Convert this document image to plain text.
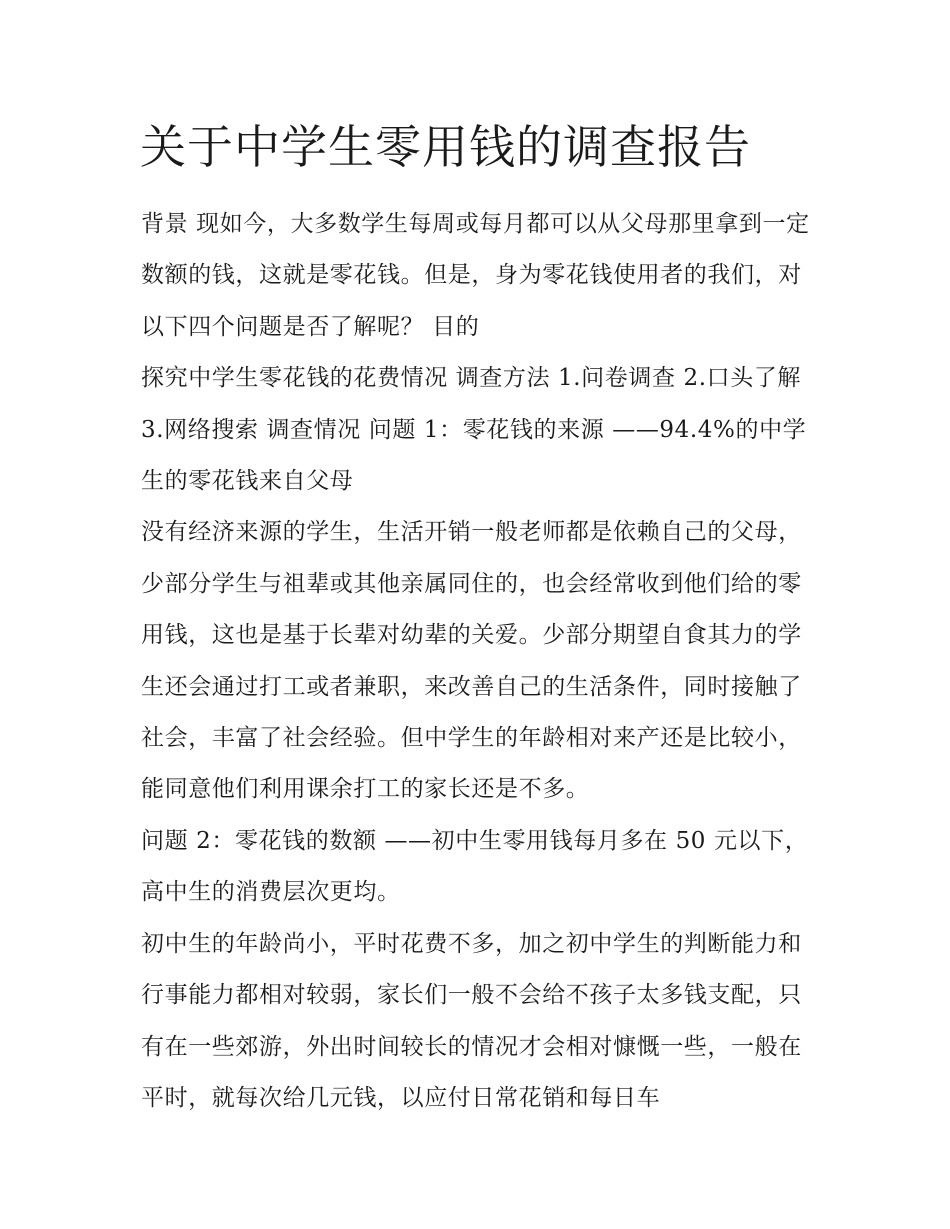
关于中学生零用钱的调查报告

背景 现如今，大多数学生每周或每月都可以从父母那里拿到一定数额的钱，这就是零花钱。但是，身为零花钱使用者的我们，对以下四个问题是否了解呢？ 目的

探究中学生零花钱的花费情况 调查方法 1.问卷调查 2.口头了解 3.网络搜索 调查情况 问题 1：零花钱的来源 ——94.4%的中学生的零花钱来自父母

没有经济来源的学生，生活开销一般老师都是依赖自己的父母，少部分学生与祖辈或其他亲属同住的，也会经常收到他们给的零用钱，这也是基于长辈对幼辈的关爱。少部分期望自食其力的学生还会通过打工或者兼职，来改善自己的生活条件，同时接触了社会，丰富了社会经验。但中学生的年龄相对来产还是比较小，能同意他们利用课余打工的家长还是不多。

问题 2：零花钱的数额 ——初中生零用钱每月多在 50 元以下，高中生的消费层次更均。

初中生的年龄尚小，平时花费不多，加之初中学生的判断能力和行事能力都相对较弱，家长们一般不会给不孩子太多钱支配，只有在一些郊游，外出时间较长的情况才会相对慷慨一些，一般在平时，就每次给几元钱，以应付日常花销和每日车
